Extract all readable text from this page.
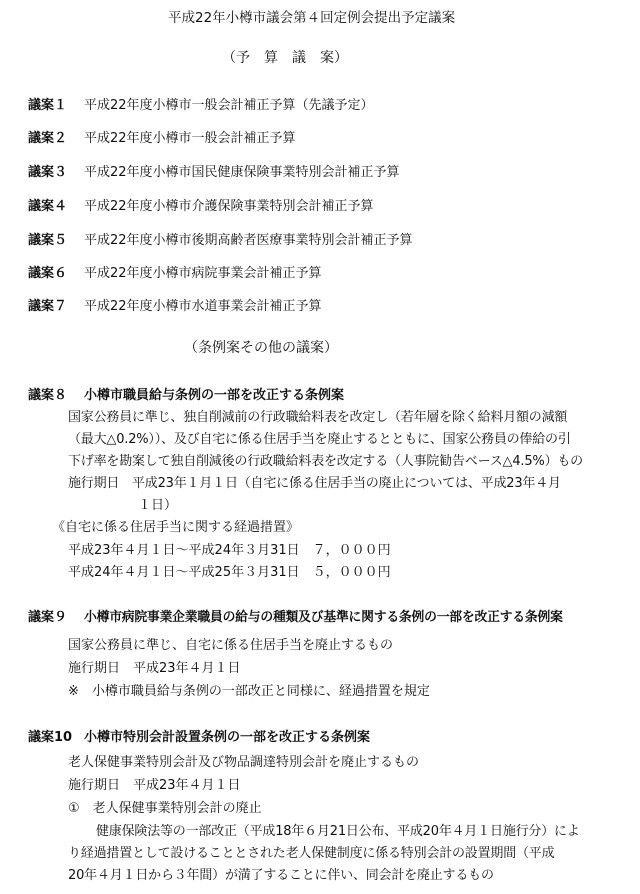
平成22年小樽市議会第４回定例会提出予定議案
（予　算　議　案）
議案１ 平成22年度小樽市一般会計補正予算（先議予定）
議案２ 平成22年度小樽市一般会計補正予算
議案３ 平成22年度小樽市国民健康保険事業特別会計補正予算
議案４ 平成22年度小樽市介護保険事業特別会計補正予算
議案５ 平成22年度小樽市後期高齢者医療事業特別会計補正予算
議案６ 平成22年度小樽市病院事業会計補正予算
議案７ 平成22年度小樽市水道事業会計補正予算
（条例案その他の議案）
議案８ 小樽市職員給与条例の一部を改正する条例案
国家公務員に準じ、独自削減前の行政職給料表を改定し（若年層を除く給料月額の減額
（最大△0.2%））、及び自宅に係る住居手当を廃止するとともに、国家公務員の俸給の引
下げ率を勘案して独自削減後の行政職給料表を改定する（人事院勧告ベース△4.5%）もの
施行期日　平成23年１月１日（自宅に係る住居手当の廃止については、平成23年４月
１日）
《自宅に係る住居手当に関する経過措置》
平成23年４月１日～平成24年３月31日　７，０００円
平成24年４月１日～平成25年３月31日　５，０００円
議案９ 小樽市病院事業企業職員の給与の種類及び基準に関する条例の一部を改正する条例案
国家公務員に準じ、自宅に係る住居手当を廃止するもの
施行期日　平成23年４月１日
※　小樽市職員給与条例の一部改正と同様に、経過措置を規定
議案10 小樽市特別会計設置条例の一部を改正する条例案
老人保健事業特別会計及び物品調達特別会計を廃止するもの
施行期日　平成23年４月１日
①　老人保健事業特別会計の廃止
健康保険法等の一部改正（平成18年６月21日公布、平成20年４月１日施行分）によ
り経過措置として設けることとされた老人保健制度に係る特別会計の設置期間（平成
20年４月１日から３年間）が満了することに伴い、同会計を廃止するもの
